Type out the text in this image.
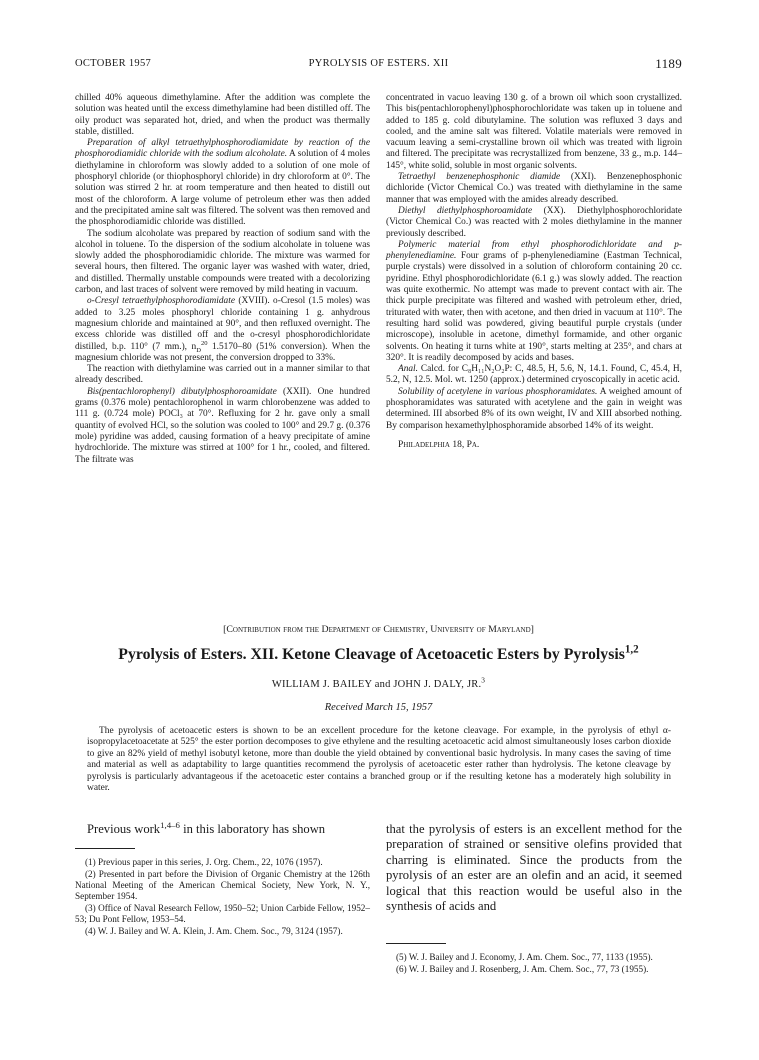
OCTOBER 1957	PYROLYSIS OF ESTERS. XII	1189

chilled 40% aqueous dimethylamine. After the addition was complete the solution was heated until the excess dimethylamine had been distilled off. The oily product was separated hot, dried, and when the product was thermally stable, distilled.

Preparation of alkyl tetraethylphosphorodiamidate by reaction of the phosphorodiamidic chloride with the sodium alcoholate. A solution of 4 moles diethylamine in chloroform was slowly added to a solution of one mole of phosphoryl chloride (or thiophosphoryl chloride) in dry chloroform at 0°. The solution was stirred 2 hr. at room temperature and then heated to distill out most of the chloroform. A large volume of petroleum ether was then added and the precipitated amine salt was filtered. The solvent was then removed and the phosphorodiamidic chloride was distilled.

The sodium alcoholate was prepared by reaction of sodium sand with the alcohol in toluene. To the dispersion of the sodium alcoholate in toluene was slowly added the phosphorodiamidic chloride. The mixture was warmed for several hours, then filtered. The organic layer was washed with water, dried, and distilled. Thermally unstable compounds were treated with a decolorizing carbon, and last traces of solvent were removed by mild heating in vacuum.

o-Cresyl tetraethylphosphorodiamidate (XVIII). o-Cresol (1.5 moles) was added to 3.25 moles phosphoryl chloride containing 1 g. anhydrous magnesium chloride and maintained at 90°, and then refluxed overnight. The excess chloride was distilled off and the o-cresyl phosphorodichloridate distilled, b.p. 110° (7 mm.), $n_D^{20}$ 1.5170–80 (51% conversion). When the magnesium chloride was not present, the conversion dropped to 33%.

The reaction with diethylamine was carried out in a manner similar to that already described.

Bis(pentachlorophenyl) dibutylphosphoroamidate (XXII). One hundred grams (0.376 mole) pentachlorophenol in warm chlorobenzene was added to 111 g. (0.724 mole) POCl₃ at 70°. Refluxing for 2 hr. gave only a small quantity of evolved HCl, so the solution was cooled to 100° and 29.7 g. (0.376 mole) pyridine was added, causing formation of a heavy precipitate of amine hydrochloride. The mixture was stirred at 100° for 1 hr., cooled, and filtered. The filtrate was

concentrated in vacuo leaving 130 g. of a brown oil which soon crystallized. This bis(pentachlorophenyl)phosphorochloridate was taken up in toluene and added to 185 g. cold dibutylamine. The solution was refluxed 3 days and cooled, and the amine salt was filtered. Volatile materials were removed in vacuum leaving a semi-crystalline brown oil which was treated with ligroin and filtered. The precipitate was recrystallized from benzene, 33 g., m.p. 144–145°, white solid, soluble in most organic solvents.

Tetraethyl benzenephosphonic diamide (XXI). Benzenephosphonic dichloride (Victor Chemical Co.) was treated with diethylamine in the same manner that was employed with the amides already described.

Diethyl diethylphosphoroamidate (XX). Diethylphosphorochloridate (Victor Chemical Co.) was reacted with 2 moles diethylamine in the manner previously described.

Polymeric material from ethyl phosphorodichloridate and p-phenylenediamine. Four grams of p-phenylenediamine (Eastman Technical, purple crystals) were dissolved in a solution of chloroform containing 20 cc. pyridine. Ethyl phosphorodichloridate (6.1 g.) was slowly added. The reaction was quite exothermic. No attempt was made to prevent contact with air. The thick purple precipitate was filtered and washed with petroleum ether, dried, triturated with water, then with acetone, and then dried in vacuum at 110°. The resulting hard solid was powdered, giving beautiful purple crystals (under microscope), insoluble in acetone, dimethyl formamide, and other organic solvents. On heating it turns white at 190°, starts melting at 235°, and chars at 320°. It is readily decomposed by acids and bases.

Anal. Calcd. for C₈H₁₁N₂O₂P: C, 48.5, H, 5.6, N, 14.1. Found, C, 45.4, H, 5.2, N, 12.5. Mol. wt. 1250 (approx.) determined cryoscopically in acetic acid.

Solubility of acetylene in various phosphoramidates. A weighed amount of phosphoramidates was saturated with acetylene and the gain in weight was determined. III absorbed 8% of its own weight, IV and XIII absorbed nothing. By comparison hexamethylphosphoramide absorbed 14% of its weight.

Philadelphia 18, Pa.

[Contribution from the Department of Chemistry, University of Maryland]
Pyrolysis of Esters. XII. Ketone Cleavage of Acetoacetic Esters by Pyrolysis$^{1,2}$
WILLIAM J. BAILEY and JOHN J. DALY, JR.$^3$
Received March 15, 1957

The pyrolysis of acetoacetic esters is shown to be an excellent procedure for the ketone cleavage. For example, in the pyrolysis of ethyl α-isopropylacetoacetate at 525° the ester portion decomposes to give ethylene and the resulting acetoacetic acid almost simultaneously loses carbon dioxide to give an 82% yield of methyl isobutyl ketone, more than double the yield obtained by conventional basic hydrolysis. In many cases the saving of time and material as well as adaptability to large quantities recommend the pyrolysis of acetoacetic ester rather than hydrolysis. The ketone cleavage by pyrolysis is particularly advantageous if the acetoacetic ester contains a branched group or if the resulting ketone has a moderately high solubility in water.

Previous work$^{1,4-6}$ in this laboratory has shown	that the pyrolysis of esters is an excellent method for the preparation of strained or sensitive olefins provided that charring is eliminated. Since the products from the pyrolysis of an ester are an olefin and an acid, it seemed logical that this reaction would be useful also in the synthesis of acids and

(1) Previous paper in this series, J. Org. Chem., 22, 1076 (1957).

(2) Presented in part before the Division of Organic Chemistry at the 126th National Meeting of the American Chemical Society, New York, N. Y., September 1954.

(3) Office of Naval Research Fellow, 1950–52; Union Carbide Fellow, 1952–53; Du Pont Fellow, 1953–54.

(4) W. J. Bailey and W. A. Klein, J. Am. Chem. Soc., 79, 3124 (1957).

(5) W. J. Bailey and J. Economy, J. Am. Chem. Soc., 77, 1133 (1955).

(6) W. J. Bailey and J. Rosenberg, J. Am. Chem. Soc., 77, 73 (1955).
